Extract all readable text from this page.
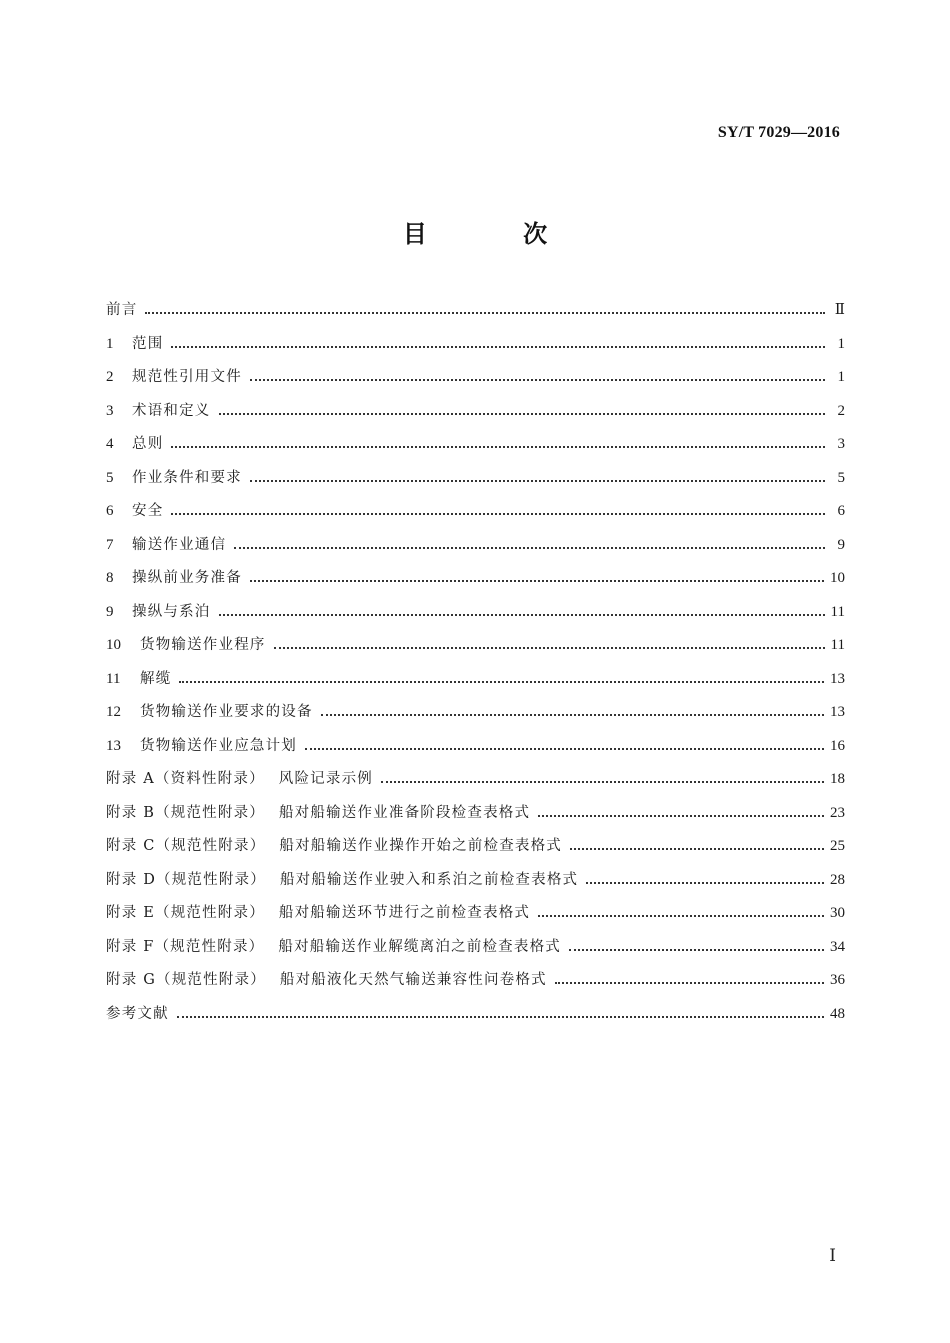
SY/T 7029—2016
目 次
前言	Ⅱ
1	范围	1
2	规范性引用文件	1
3	术语和定义	2
4	总则	3
5	作业条件和要求	5
6	安全	6
7	输送作业通信	9
8	操纵前业务准备	10
9	操纵与系泊	11
10	货物输送作业程序	11
11	解缆	13
12	货物输送作业要求的设备	13
13	货物输送作业应急计划	16
附录 A（资料性附录） 风险记录示例	18
附录 B（规范性附录） 船对船输送作业准备阶段检查表格式	23
附录 C（规范性附录） 船对船输送作业操作开始之前检查表格式	25
附录 D（规范性附录） 船对船输送作业驶入和系泊之前检查表格式	28
附录 E（规范性附录） 船对船输送环节进行之前检查表格式	30
附录 F（规范性附录） 船对船输送作业解缆离泊之前检查表格式	34
附录 G（规范性附录） 船对船液化天然气输送兼容性问卷格式	36
参考文献	48
Ⅰ
